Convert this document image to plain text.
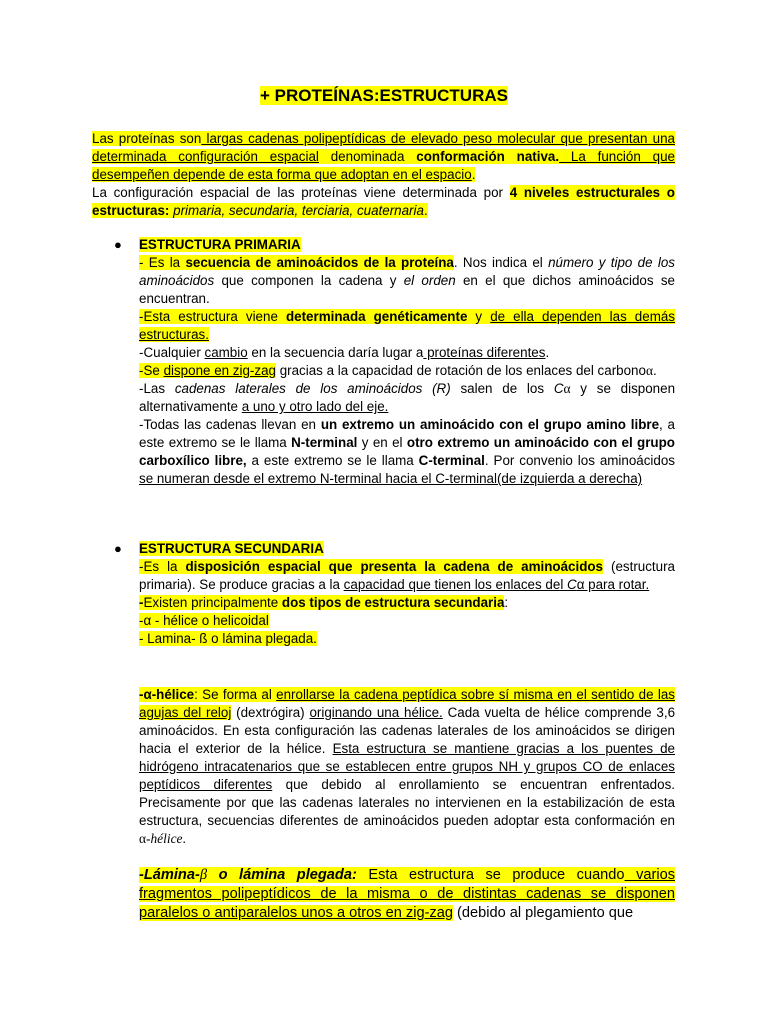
+ PROTEÍNAS:ESTRUCTURAS

Las proteínas son largas cadenas polipeptídicas de elevado peso molecular que presentan una determinada configuración espacial denominada conformación nativa. La función que desempeñen depende de esta forma que adoptan en el espacio.

La configuración espacial de las proteínas viene determinada por 4 niveles estructurales o estructuras: primaria, secundaria, terciaria, cuaternaria.

● ESTRUCTURA PRIMARIA

- Es la secuencia de aminoácidos de la proteína. Nos indica el número y tipo de los aminoácidos que componen la cadena y el orden en el que dichos aminoácidos se encuentran.

-Esta estructura viene determinada genéticamente y de ella dependen las demás estructuras.

-Cualquier cambio en la secuencia daría lugar a proteínas diferentes.

-Se dispone en zig-zag gracias a la capacidad de rotación de los enlaces del carbonoα.

-Las cadenas laterales de los aminoácidos (R) salen de los Cα y se disponen alternativamente a uno y otro lado del eje.

-Todas las cadenas llevan en un extremo un aminoácido con el grupo amino libre, a este extremo se le llama N-terminal y en el otro extremo un aminoácido con el grupo carboxílico libre, a este extremo se le llama C-terminal. Por convenio los aminoácidos se numeran desde el extremo N-terminal hacia el C-terminal(de izquierda a derecha)

● ESTRUCTURA SECUNDARIA

-Es la disposición espacial que presenta la cadena de aminoácidos (estructura primaria). Se produce gracias a la capacidad que tienen los enlaces del Cα para rotar.

-Existen principalmente dos tipos de estructura secundaria:

-α - hélice o helicoidal

- Lamina- ß o lámina plegada.

-α-hélice: Se forma al enrollarse la cadena peptídica sobre sí misma en el sentido de las agujas del reloj (dextrógira) originando una hélice. Cada vuelta de hélice comprende 3,6 aminoácidos. En esta configuración las cadenas laterales de los aminoácidos se dirigen hacia el exterior de la hélice. Esta estructura se mantiene gracias a los puentes de hidrógeno intracatenarios que se establecen entre grupos NH y grupos CO de enlaces peptídicos diferentes que debido al enrollamiento se encuentran enfrentados. Precisamente por que las cadenas laterales no intervienen en la estabilización de esta estructura, secuencias diferentes de aminoácidos pueden adoptar esta conformación en α-hélice.

-Lámina-β o lámina plegada: Esta estructura se produce cuando varios fragmentos polipeptídicos de la misma o de distintas cadenas se disponen paralelos o antiparalelos unos a otros en zig-zag (debido al plegamiento que
